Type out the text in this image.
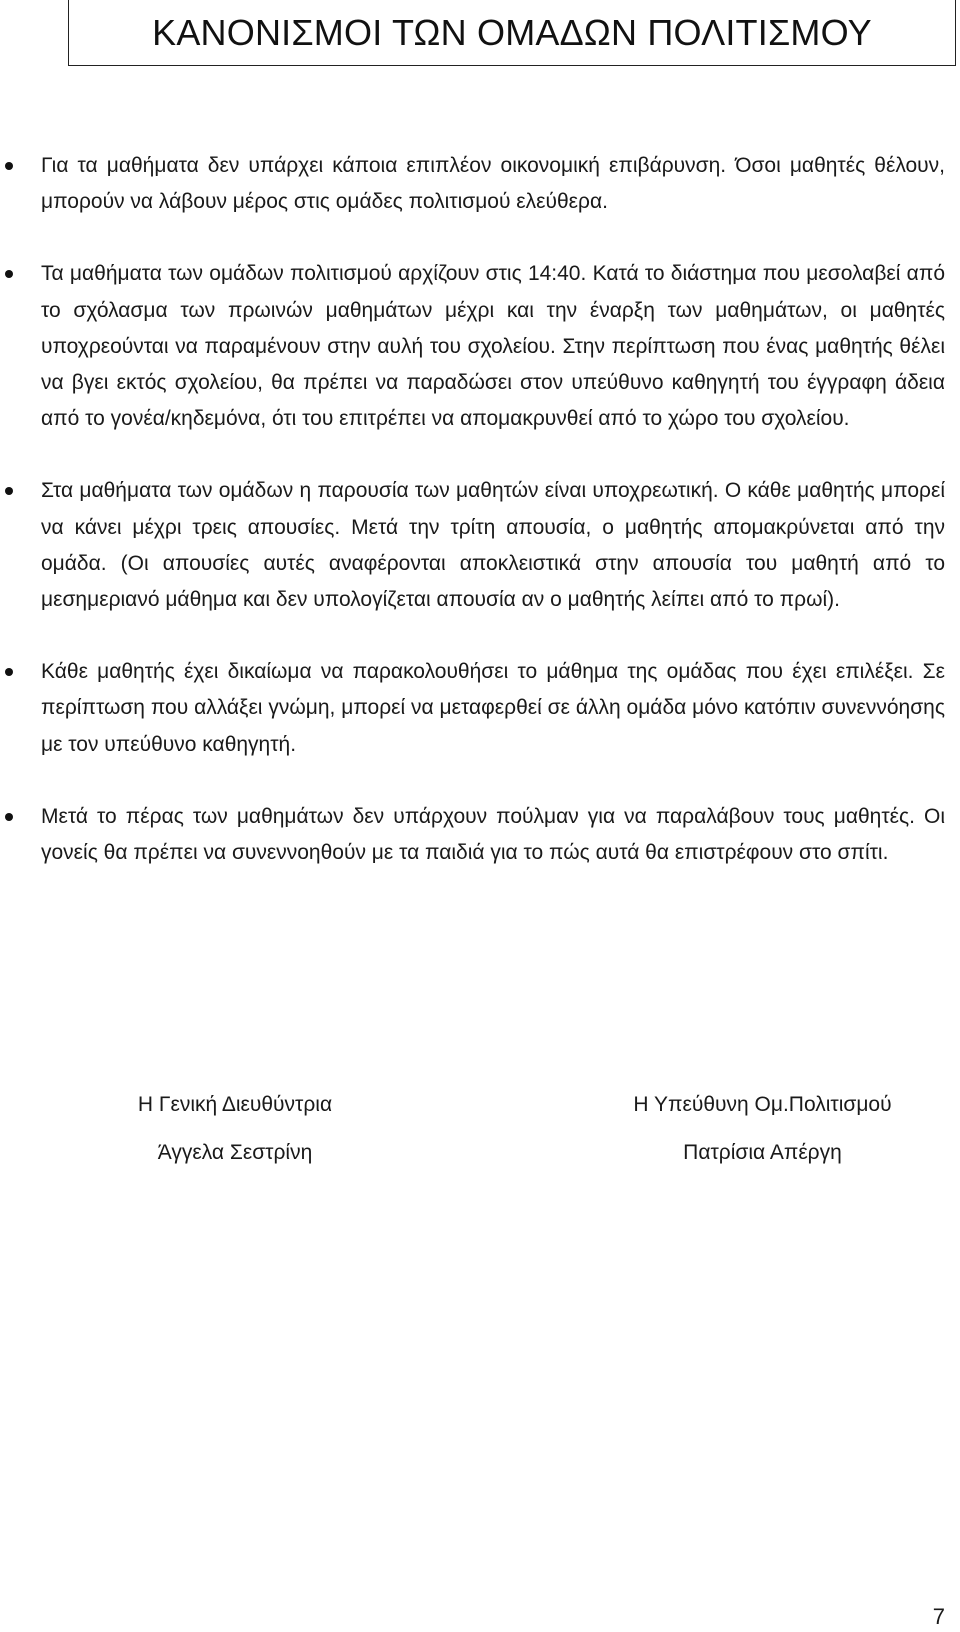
ΚΑΝΟΝΙΣΜΟΙ ΤΩΝ ΟΜΑΔΩΝ ΠΟΛΙΤΙΣΜΟΥ
Για τα μαθήματα δεν υπάρχει κάποια επιπλέον οικονομική επιβάρυνση. Όσοι μαθητές θέλουν, μπορούν να λάβουν μέρος στις ομάδες πολιτισμού ελεύθερα.
Τα μαθήματα των ομάδων πολιτισμού αρχίζουν στις 14:40. Κατά το διάστημα που μεσολαβεί από το σχόλασμα των πρωινών μαθημάτων μέχρι και την έναρξη των μαθημάτων, οι μαθητές υποχρεούνται να παραμένουν στην αυλή του σχολείου. Στην περίπτωση που ένας μαθητής θέλει να βγει εκτός σχολείου, θα πρέπει να παραδώσει στον υπεύθυνο καθηγητή του έγγραφη άδεια από το γονέα/κηδεμόνα, ότι του επιτρέπει να απομακρυνθεί από το χώρο του σχολείου.
Στα μαθήματα των ομάδων η παρουσία των μαθητών είναι υποχρεωτική. Ο κάθε μαθητής μπορεί να κάνει μέχρι τρεις απουσίες. Μετά την τρίτη απουσία, ο μαθητής απομακρύνεται από την ομάδα. (Οι απουσίες αυτές αναφέρονται αποκλειστικά στην απουσία του μαθητή από το μεσημεριανό μάθημα και δεν υπολογίζεται απουσία αν ο μαθητής λείπει από το πρωί).
Κάθε μαθητής έχει δικαίωμα να παρακολουθήσει το μάθημα της ομάδας που έχει επιλέξει. Σε περίπτωση που αλλάξει γνώμη, μπορεί να μεταφερθεί σε άλλη ομάδα μόνο κατόπιν συνεννόησης με τον υπεύθυνο καθηγητή.
Μετά το πέρας των μαθημάτων δεν υπάρχουν πούλμαν για να παραλάβουν τους μαθητές. Οι γονείς θα πρέπει να συνεννοηθούν με τα παιδιά για το πώς αυτά θα επιστρέφουν στο σπίτι.
Η Γενική Διευθύντρια
Άγγελα Σεστρίνη
Η Υπεύθυνη Ομ.Πολιτισμού
Πατρίσια Απέργη
7
